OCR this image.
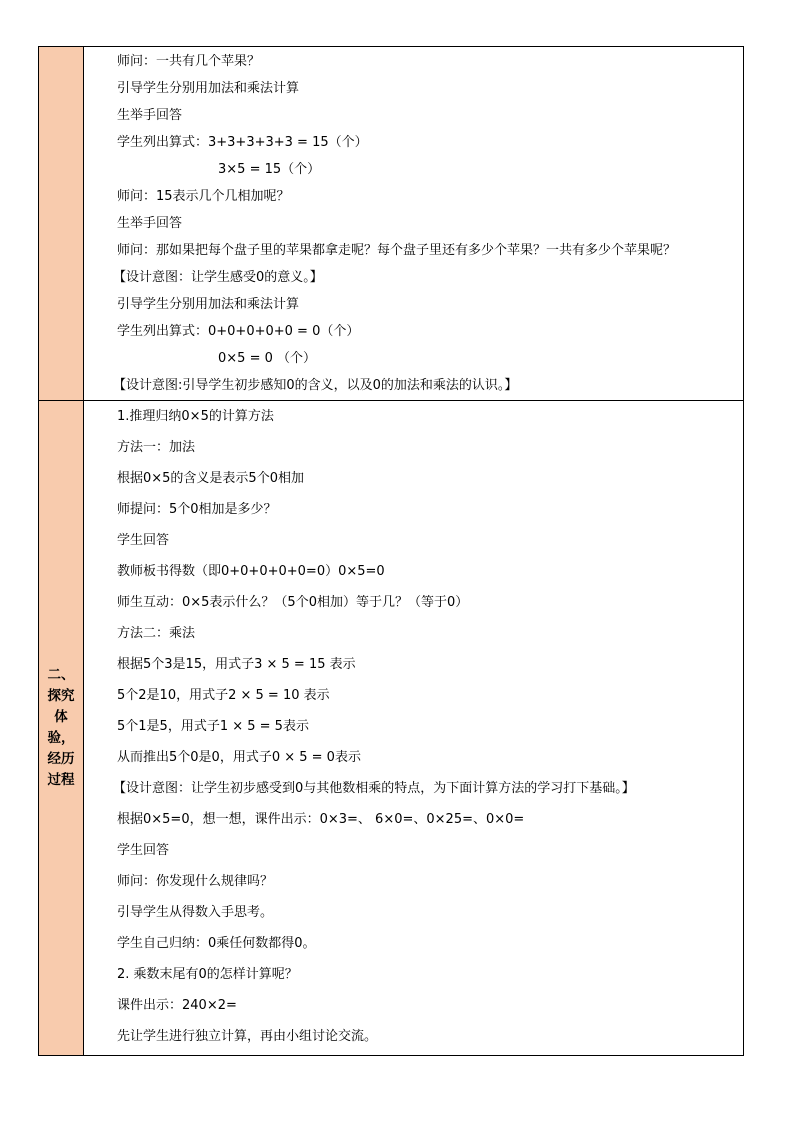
师问：一共有几个苹果？
引导学生分别用加法和乘法计算
生举手回答
学生列出算式：3+3+3+3+3 = 15（个）
3×5 = 15（个）
师问：15表示几个几相加呢？
生举手回答
师问：那如果把每个盘子里的苹果都拿走呢？每个盘子里还有多少个苹果？一共有多少个苹果呢？
【设计意图：让学生感受0的意义。】
引导学生分别用加法和乘法计算
学生列出算式：0+0+0+0+0 = 0（个）
0×5 = 0 （个）
【设计意图:引导学生初步感知0的含义，以及0的加法和乘法的认识。】
二、探究体验，经历过程
1.推理归纳0×5的计算方法
方法一：加法
根据0×5的含义是表示5个0相加
师提问：5个0相加是多少？
学生回答
教师板书得数（即0+0+0+0+0=0）0×5=0
师生互动：0×5表示什么？（5个0相加）等于几？（等于0）
方法二：乘法
根据5个3是15，用式子3 × 5 = 15 表示
5个2是10，用式子2 × 5 = 10 表示
5个1是5，用式子1 × 5 = 5表示
从而推出5个0是0，用式子0 × 5 = 0表示
【设计意图：让学生初步感受到0与其他数相乘的特点，为下面计算方法的学习打下基础。】
根据0×5=0，想一想，课件出示：0×3=、 6×0=、0×25=、0×0=
学生回答
师问：你发现什么规律吗？
引导学生从得数入手思考。
学生自己归纳：0乘任何数都得0。
2. 乘数末尾有0的怎样计算呢？
课件出示：240×2=
先让学生进行独立计算，再由小组讨论交流。
